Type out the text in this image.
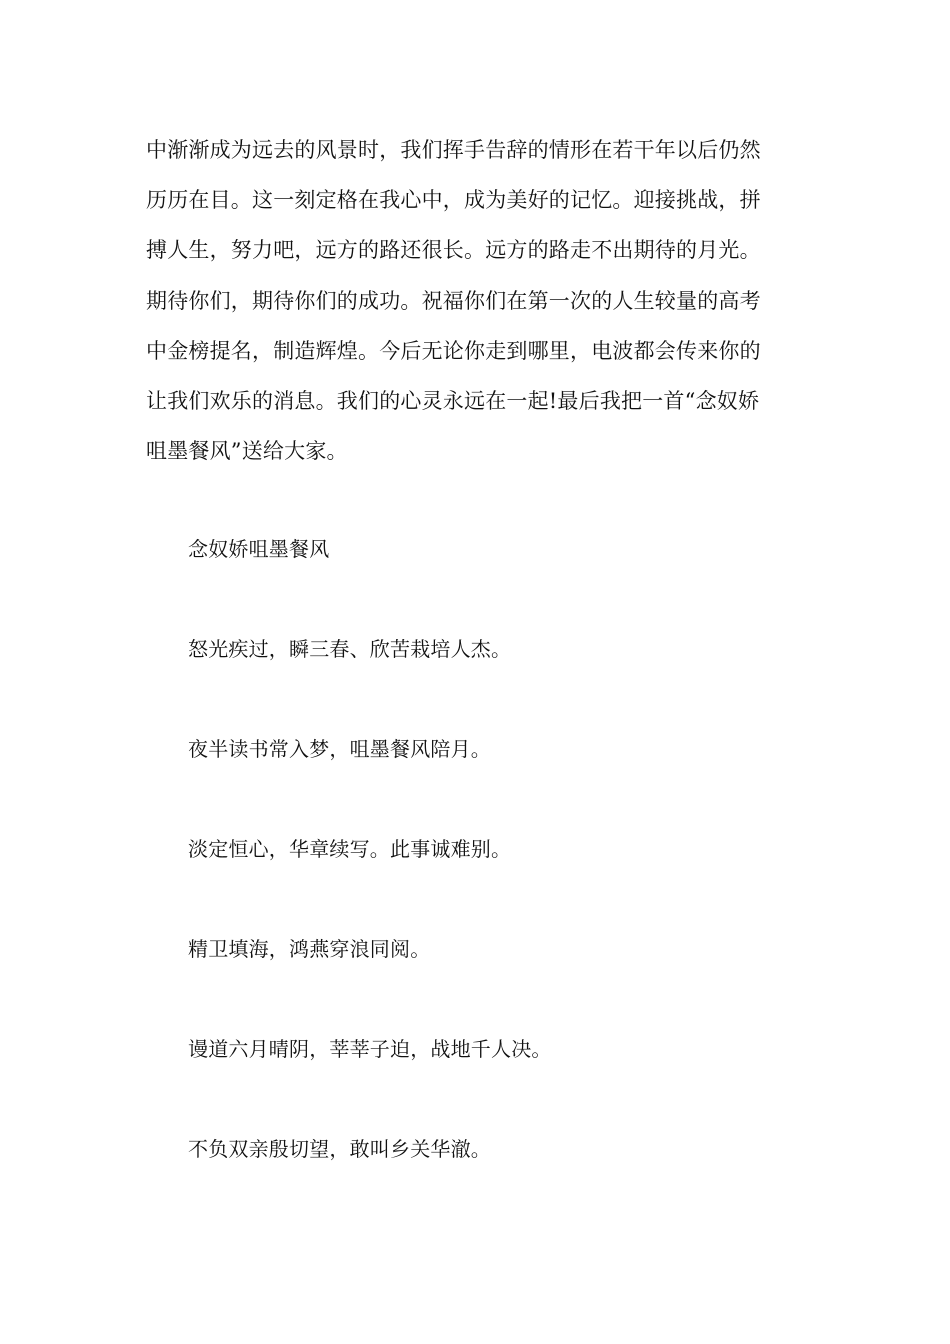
中渐渐成为远去的风景时，我们挥手告辞的情形在若干年以后仍然
历历在目。这一刻定格在我心中，成为美好的记忆。迎接挑战，拼
搏人生，努力吧，远方的路还很长。远方的路走不出期待的月光。
期待你们，期待你们的成功。祝福你们在第一次的人生较量的高考
中金榜提名，制造辉煌。今后无论你走到哪里，电波都会传来你的
让我们欢乐的消息。我们的心灵永远在一起!最后我把一首“念奴娇
咀墨餐风”送给大家。
念奴娇咀墨餐风
怒光疾过，瞬三春、欣苦栽培人杰。
夜半读书常入梦，咀墨餐风陪月。
淡定恒心，华章续写。此事诚难别。
精卫填海，鸿燕穿浪同阅。
谩道六月晴阴，莘莘子迫，战地千人决。
不负双亲殷切望，敢叫乡关华澈。
